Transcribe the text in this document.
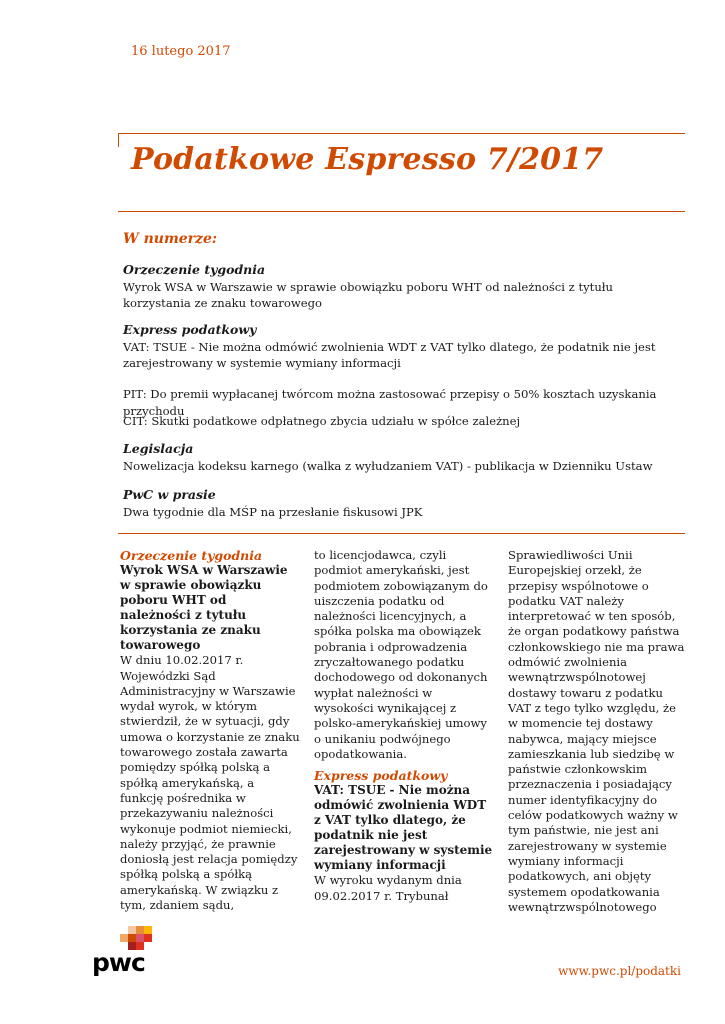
16 lutego 2017
Podatkowe Espresso 7/2017
W numerze:
Orzeczenie tygodnia
Wyrok WSA w Warszawie w sprawie obowiązku poboru WHT od należności z tytułu korzystania ze znaku towarowego
Express podatkowy
VAT: TSUE - Nie można odmówić zwolnienia WDT z VAT tylko dlatego, że podatnik nie jest zarejestrowany w systemie wymiany informacji
PIT: Do premii wypłacanej twórcom można zastosować przepisy o 50% kosztach uzyskania przychodu
CIT: Skutki podatkowe odpłatnego zbycia udziału w spółce zależnej
Legislacja
Nowelizacja kodeksu karnego (walka z wyłudzaniem VAT) - publikacja w Dzienniku Ustaw
PwC w prasie
Dwa tygodnie dla MŚP na przesłanie fiskusowi JPK

Orzeczenie tygodnia

Wyrok WSA w Warszawie w sprawie obowiązku poboru WHT od należności z tytułu korzystania ze znaku towarowego

W dniu 10.02.2017 r. Wojewódzki Sąd Administracyjny w Warszawie wydał wyrok, w którym stwierdził, że w sytuacji, gdy umowa o korzystanie ze znaku towarowego została zawarta pomiędzy spółką polską a spółką amerykańską, a funkcję pośrednika w przekazywaniu należności wykonuje podmiot niemiecki, należy przyjąć, że prawnie doniosłą jest relacja pomiędzy spółką polską a spółką amerykańską. W związku z tym, zdaniem sądu,

to licencjodawca, czyli podmiot amerykański, jest podmiotem zobowiązanym do uiszczenia podatku od należności licencyjnych, a spółka polska ma obowiązek pobrania i odprowadzenia zryczałtowanego podatku dochodowego od dokonanych wypłat należności w wysokości wynikającej z polsko-amerykańskiej umowy o unikaniu podwójnego opodatkowania.

Express podatkowy

VAT: TSUE - Nie można odmówić zwolnienia WDT z VAT tylko dlatego, że podatnik nie jest zarejestrowany w systemie wymiany informacji

W wyroku wydanym dnia 09.02.2017 r. Trybunał

Sprawiedliwości Unii Europejskiej orzekł, że przepisy wspólnotowe o podatku VAT należy interpretować w ten sposób, że organ podatkowy państwa członkowskiego nie ma prawa odmówić zwolnienia wewnątrzwspólnotowej dostawy towaru z podatku VAT z tego tylko względu, że w momencie tej dostawy nabywca, mający miejsce zamieszkania lub siedzibę w państwie członkowskim przeznaczenia i posiadający numer identyfikacyjny do celów podatkowych ważny w tym państwie, nie jest ani zarejestrowany w systemie wymiany informacji podatkowych, ani objęty systemem opodatkowania wewnątrzwspólnotowego

pwc	www.pwc.pl/podatki
